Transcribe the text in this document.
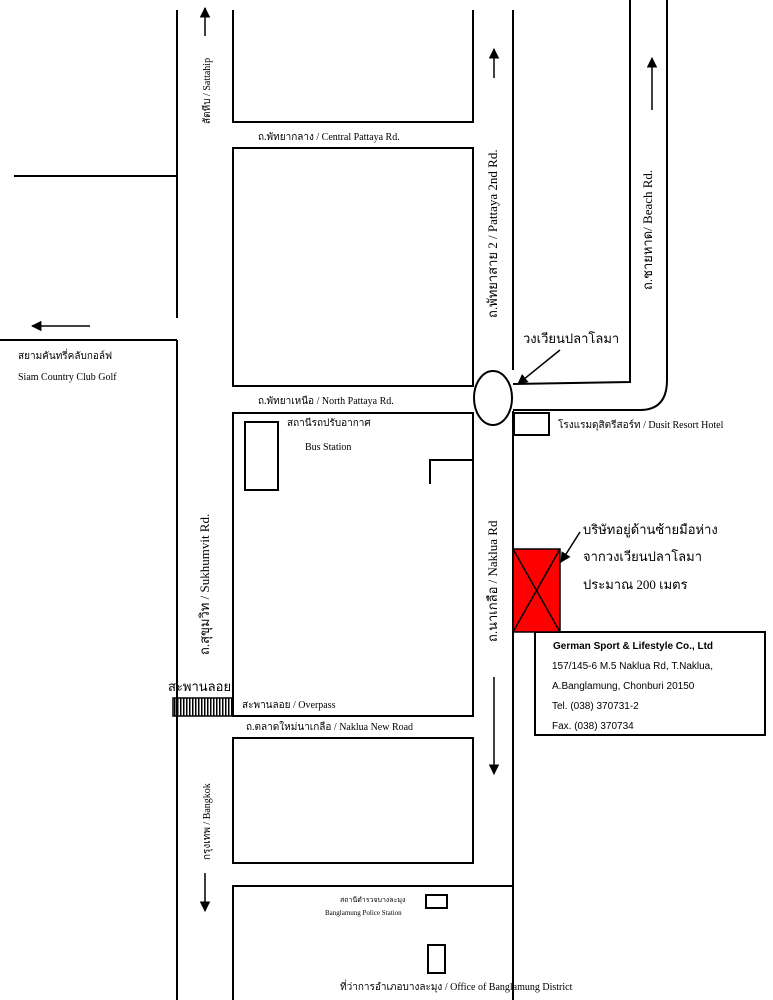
ถ.พัทยากลาง / Central Pattaya Rd.
ถ.พัทยาเหนือ / North Pattaya Rd.
ถ.ตลาดใหม่นาเกลือ / Naklua New Road
สัตหีบ / Sattahip
ถ.พัทยาสาย 2 / Pattaya 2nd Rd.	ถ.ชายหาด/ Beach Rd.
ถ.สุขุมวิท / Sukhumvit Rd.	ถ.นาเกลือ / Naklua Rd
กรุงเทพ / Bangkok
วงเวียนปลาโลมา
สยามคันทรี่คลับกอล์ฟ
Siam Country Club Golf
สถานีรถปรับอากาศ
Bus Station
โรงแรมดุสิตรีสอร์ท / Dusit Resort Hotel
สะพานลอย
สะพานลอย / Overpass
สถานีตำรวจบางละมุง
Banglamung Police Station
ที่ว่าการอำเภอบางละมุง / Office of Banglamung District
บริษัทอยู่ด้านซ้ายมือห่าง
จากวงเวียนปลาโลมา
ประมาณ 200 เมตร
German Sport & Lifestyle Co., Ltd
157/145-6 M.5 Naklua Rd, T.Naklua,
A.Banglamung, Chonburi 20150
Tel. (038) 370731-2
Fax. (038) 370734
